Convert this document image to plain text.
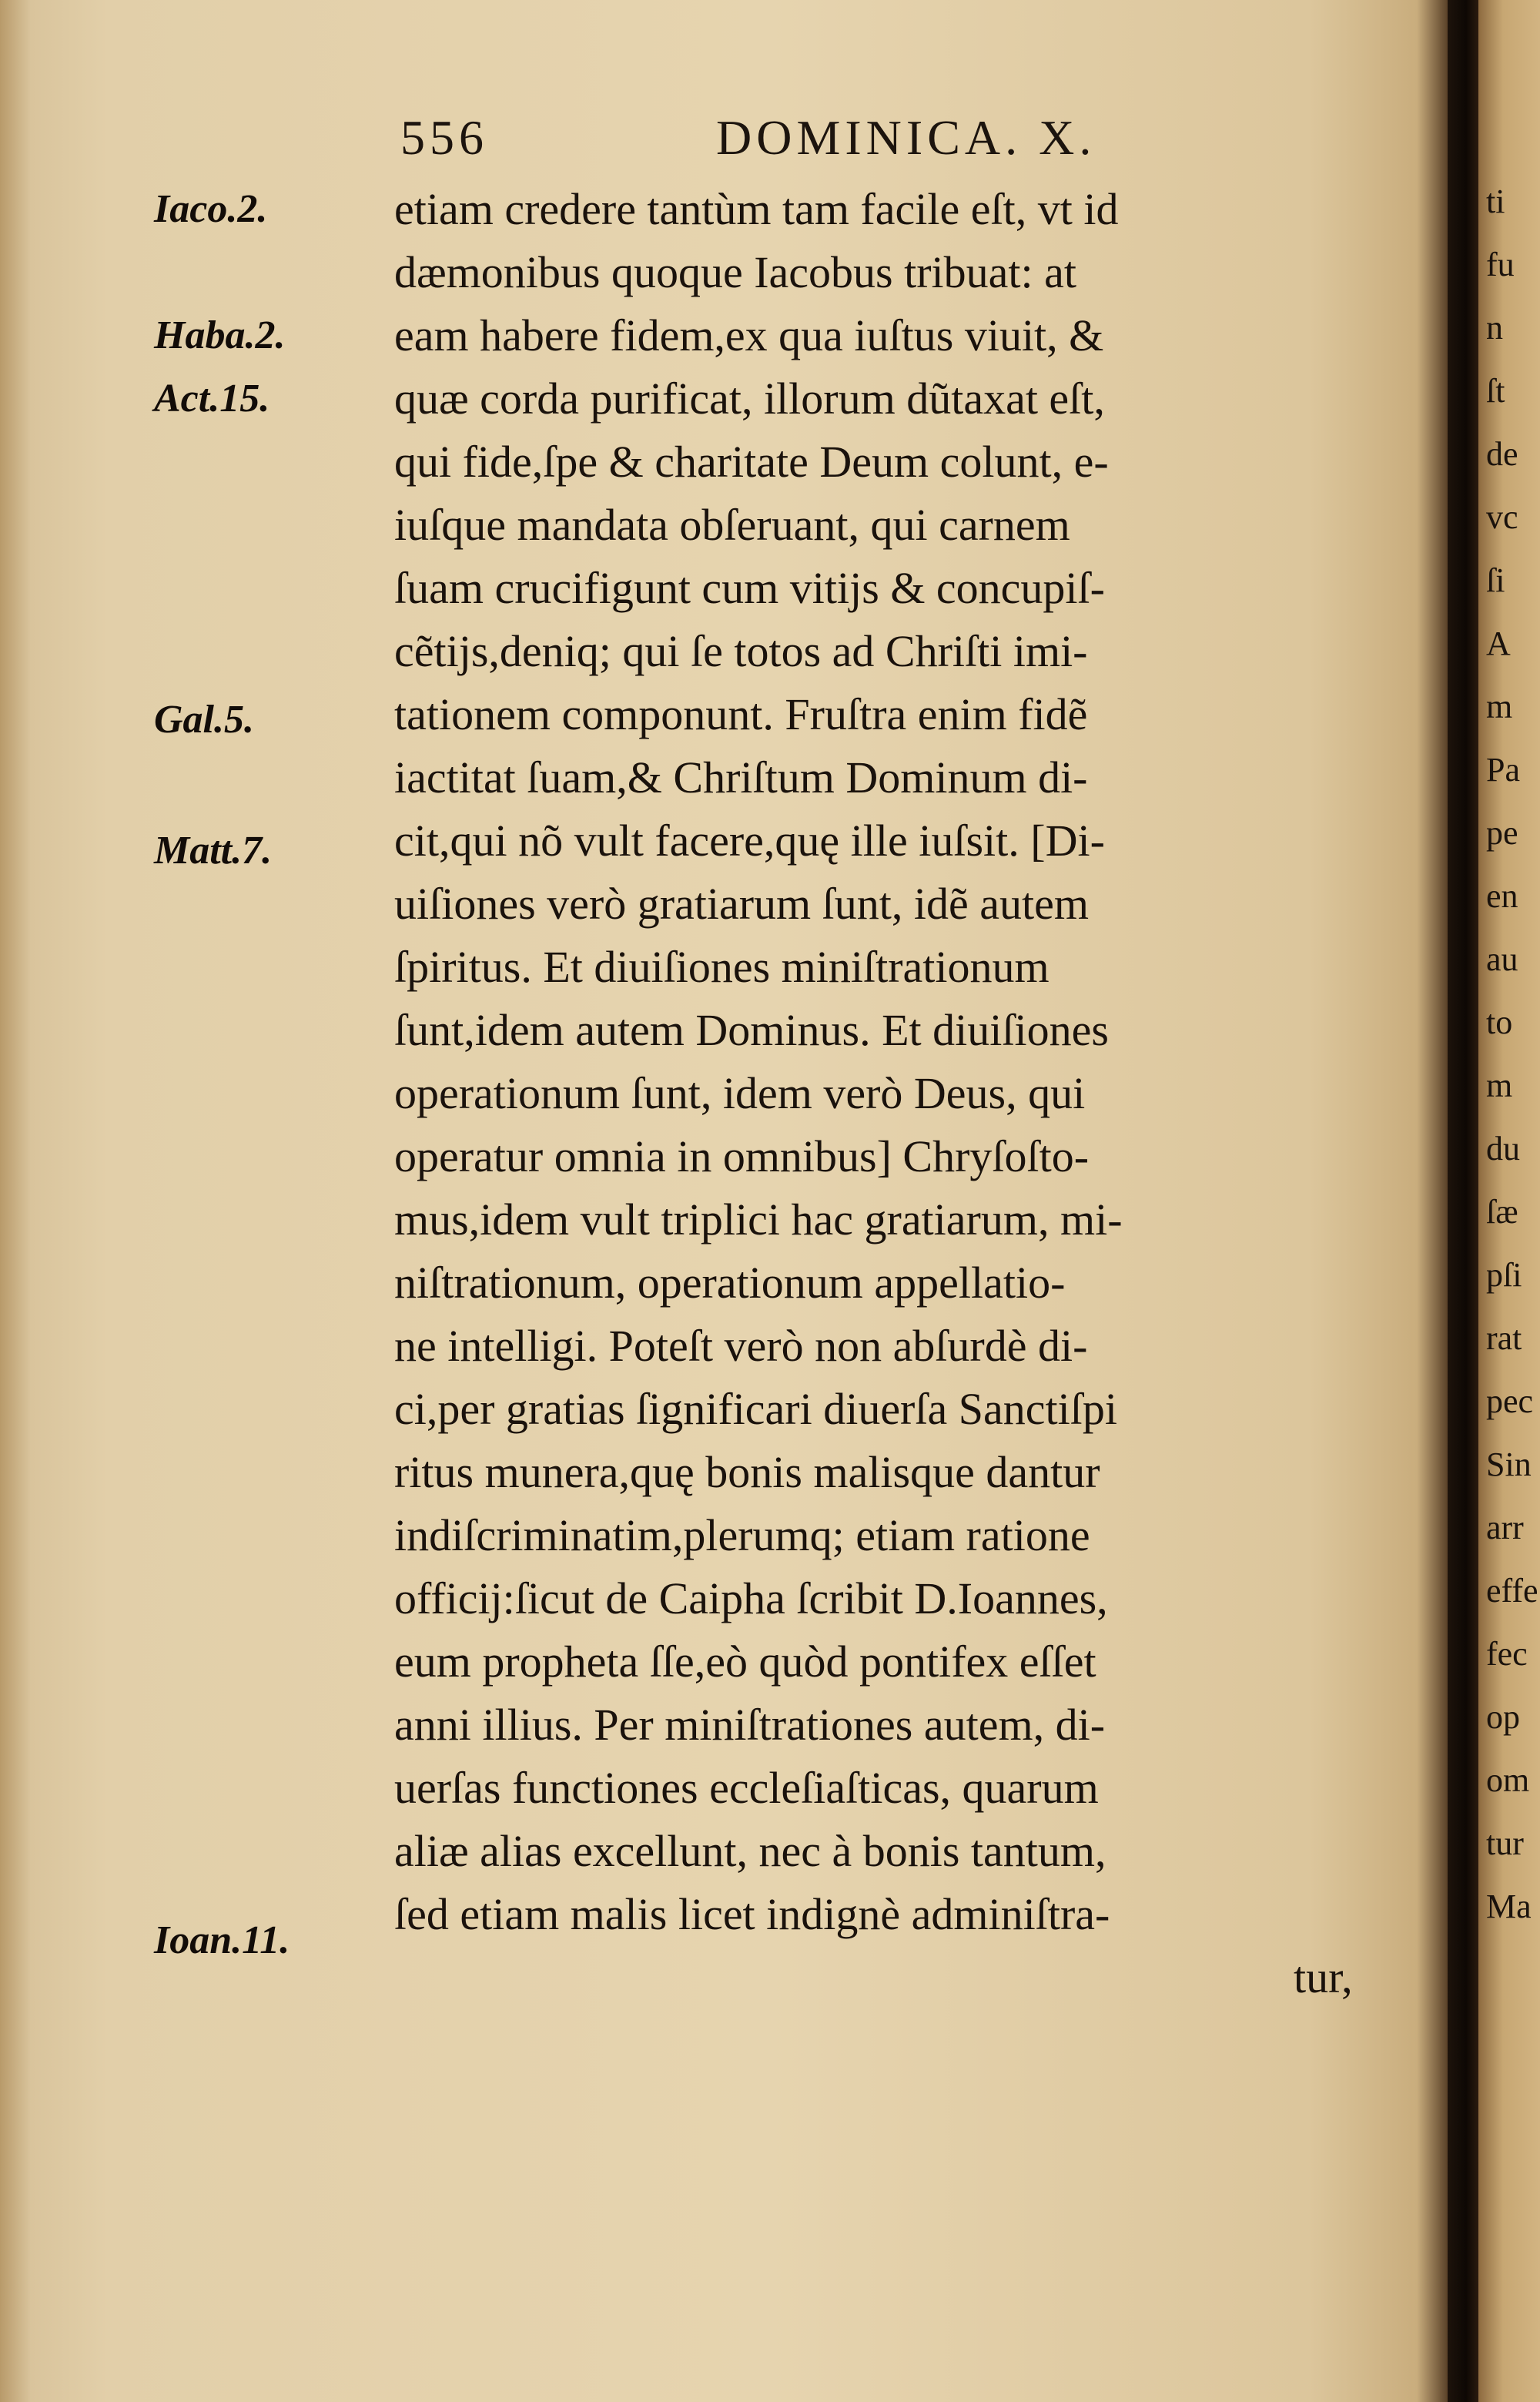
556	DOMINICA. X.
Iaco.2.
Haba.2.
Act.15.
Gal.5.
Matt.7.
Ioan.11.
etiam credere tantùm tam facile eſt, vt id
dæmonibus quoque Iacobus tribuat: at
eam habere fidem,ex qua iuſtus viuit, &
quæ corda purificat, illorum dũtaxat eſt,
qui fide,ſpe & charitate Deum colunt, e-
iuſque mandata obſeruant, qui carnem
ſuam crucifigunt cum vitijs & concupiſ-
cẽtijs,deniq; qui ſe totos ad Chriſti imi-
tationem componunt. Fruſtra enim fidẽ
iactitat ſuam,& Chriſtum Dominum di-
cit,qui nõ vult facere,quę ille iuſsit. [Di-
uiſiones verò gratiarum ſunt, idẽ autem
ſpiritus. Et diuiſiones miniſtrationum
ſunt,idem autem Dominus. Et diuiſiones
operationum ſunt, idem verò Deus, qui
operatur omnia in omnibus] Chryſoſto-
mus,idem vult triplici hac gratiarum, mi-
niſtrationum, operationum appellatio-
ne intelligi. Poteſt verò non abſurdè di-
ci,per gratias ſignificari diuerſa Sanctiſpi
ritus munera,quę bonis malisque dantur
indiſcriminatim,plerumq; etiam ratione
officij:ſicut de Caipha ſcribit D.Ioannes,
eum propheta ſſe,eò quòd pontifex eſſet
anni illius. Per miniſtrationes autem, di-
uerſas functiones eccleſiaſticas, quarum
aliæ alias excellunt, nec à bonis tantum,
ſed etiam malis licet indignè adminiſtra-
tur,
ti
fu
n
ſt
de
vc
ſi
A
m
Pa
pe
en
au
to
m
du
ſæ
pſi
rat
pec
Sin
arr
effe
fec
op
om
tur
Ma
